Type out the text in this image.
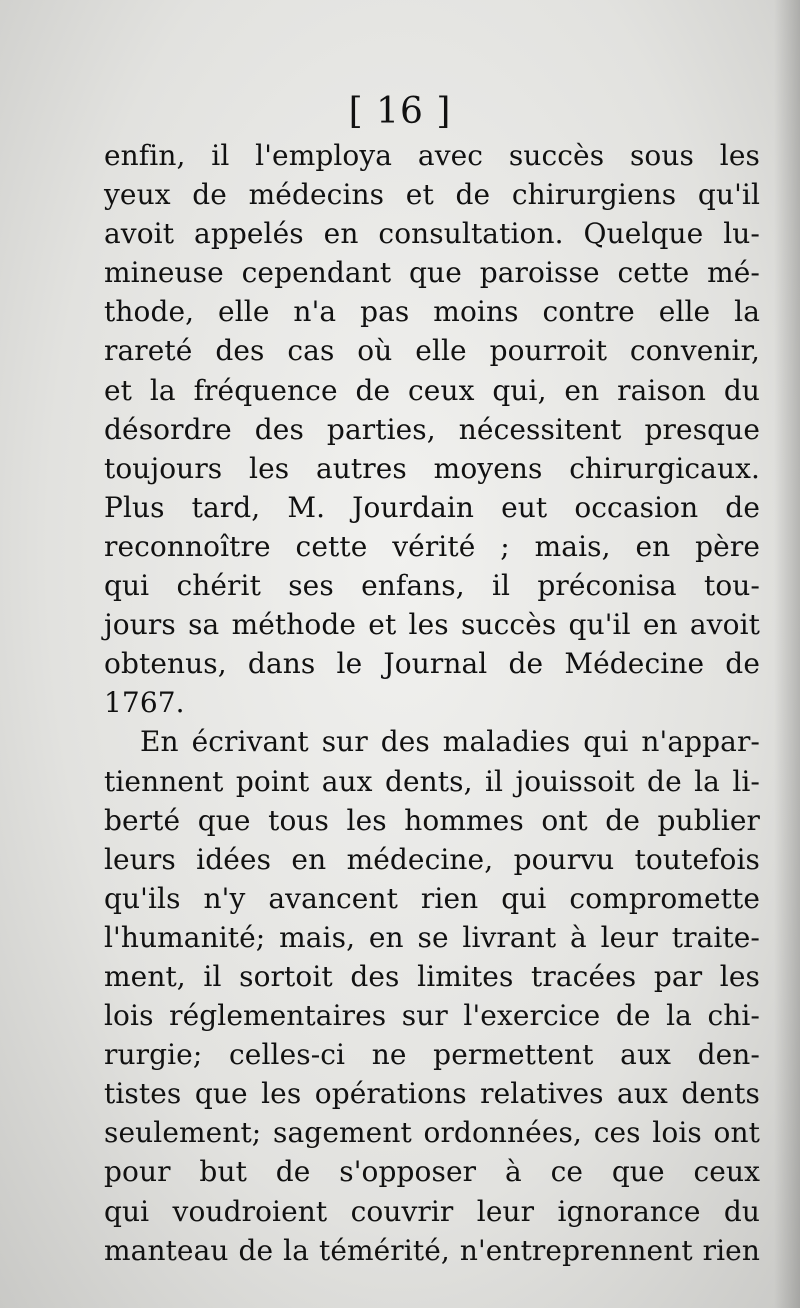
[ 16 ]
enfin, il l'employa avec succès sous les
yeux de médecins et de chirurgiens qu'il
avoit appelés en consultation. Quelque lu-
mineuse cependant que paroisse cette mé-
thode, elle n'a pas moins contre elle la
rareté des cas où elle pourroit convenir,
et la fréquence de ceux qui, en raison du
désordre des parties, nécessitent presque
toujours les autres moyens chirurgicaux.
Plus tard, M. Jourdain eut occasion de
reconnoître cette vérité ; mais, en père
qui chérit ses enfans, il préconisa tou-
jours sa méthode et les succès qu'il en avoit
obtenus, dans le Journal de Médecine de
1767.
En écrivant sur des maladies qui n'appar-
tiennent point aux dents, il jouissoit de la li-
berté que tous les hommes ont de publier
leurs idées en médecine, pourvu toutefois
qu'ils n'y avancent rien qui compromette
l'humanité; mais, en se livrant à leur traite-
ment, il sortoit des limites tracées par les
lois réglementaires sur l'exercice de la chi-
rurgie; celles-ci ne permettent aux den-
tistes que les opérations relatives aux dents
seulement; sagement ordonnées, ces lois ont
pour but de s'opposer à ce que ceux
qui voudroient couvrir leur ignorance du
manteau de la témérité, n'entreprennent rien
